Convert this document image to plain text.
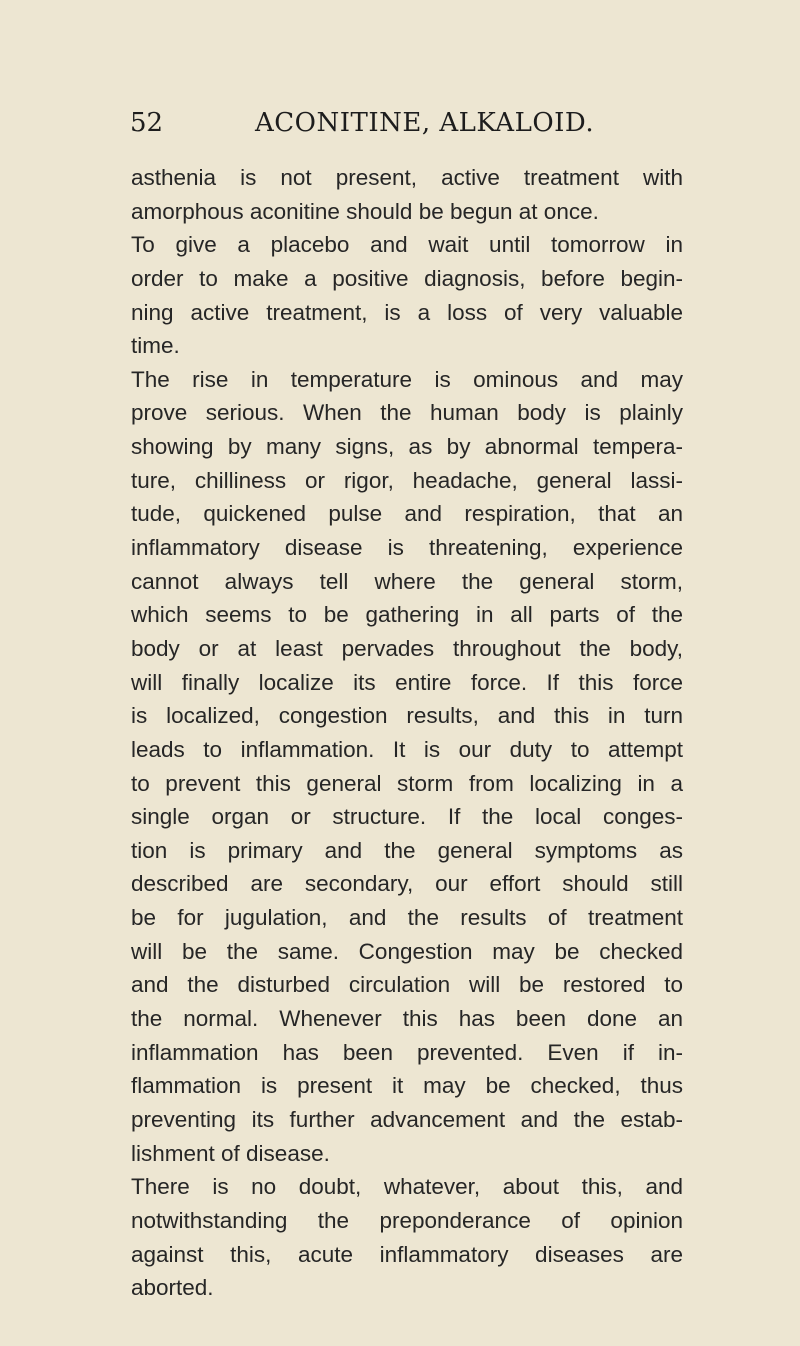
52	ACONITINE, ALKALOID.
asthenia is not present, active treatment with
amorphous aconitine should be begun at once.
To give a placebo and wait until tomorrow in
order to make a positive diagnosis, before begin-
ning active treatment, is a loss of very valuable
time.
The rise in temperature is ominous and may
prove serious. When the human body is plainly
showing by many signs, as by abnormal tempera-
ture, chilliness or rigor, headache, general lassi-
tude, quickened pulse and respiration, that an
inflammatory disease is threatening, experience
cannot always tell where the general storm,
which seems to be gathering in all parts of the
body or at least pervades throughout the body,
will finally localize its entire force. If this force
is localized, congestion results, and this in turn
leads to inflammation. It is our duty to attempt
to prevent this general storm from localizing in a
single organ or structure. If the local conges-
tion is primary and the general symptoms as
described are secondary, our effort should still
be for jugulation, and the results of treatment
will be the same. Congestion may be checked
and the disturbed circulation will be restored to
the normal. Whenever this has been done an
inflammation has been prevented. Even if in-
flammation is present it may be checked, thus
preventing its further advancement and the estab-
lishment of disease.
There is no doubt, whatever, about this, and
notwithstanding the preponderance of opinion
against this, acute inflammatory diseases are
aborted.
